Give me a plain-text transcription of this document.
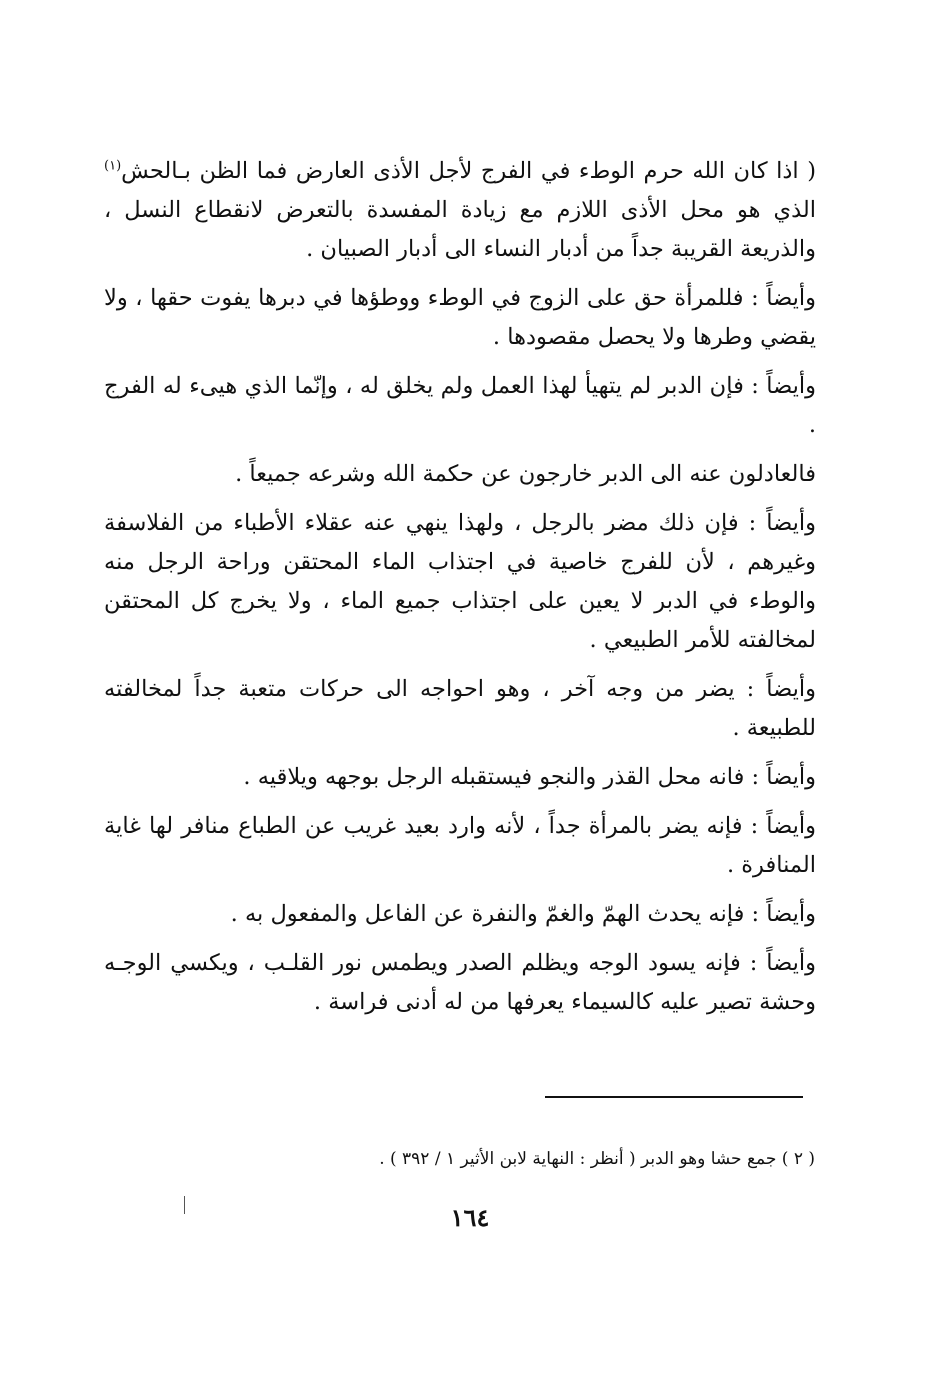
( اذا كان الله حرم الوطء في الفرج لأجل الأذى العارض فما الظن بـالحش$^{(١)}$ الذي هو محل الأذى اللازم مع زيادة المفسدة بالتعرض لانقطاع النسل ، والذريعة القريبة جداً من أدبار النساء الى أدبار الصبيان .

وأيضاً : فللمرأة حق على الزوج في الوطء ووطؤها في دبرها يفوت حقها ، ولا يقضي وطرها ولا يحصل مقصودها .

وأيضاً : فإن الدبر لم يتهيأ لهذا العمل ولم يخلق له ، وإنّما الذي هيىء له الفرج .

فالعادلون عنه الى الدبر خارجون عن حكمة الله وشرعه جميعاً .

وأيضاً : فإن ذلك مضر بالرجل ، ولهذا ينهي عنه عقلاء الأطباء من الفلاسفة وغيرهم ، لأن للفرج خاصية في اجتذاب الماء المحتقن وراحة الرجل منه والوطء في الدبر لا يعين على اجتذاب جميع الماء ، ولا يخرج كل المحتقن لمخالفته للأمر الطبيعي .

وأيضاً : يضر من وجه آخر ، وهو احواجه الى حركات متعبة جداً لمخالفته للطبيعة .

وأيضاً : فانه محل القذر والنجو فيستقبله الرجل بوجهه ويلاقيه .

وأيضاً : فإنه يضر بالمرأة جداً ، لأنه وارد بعيد غريب عن الطباع منافر لها غاية المنافرة .

وأيضاً : فإنه يحدث الهمّ والغمّ والنفرة عن الفاعل والمفعول به .

وأيضاً : فإنه يسود الوجه ويظلم الصدر ويطمس نور القلـب ، ويكسي الوجـه وحشة تصير عليه كالسيماء يعرفها من له أدنى فراسة .

( ٢ ) جمع حشا وهو الدبر ( أنظر : النهاية لابن الأثير ١ / ٣٩٢ ) .
١٦٤
